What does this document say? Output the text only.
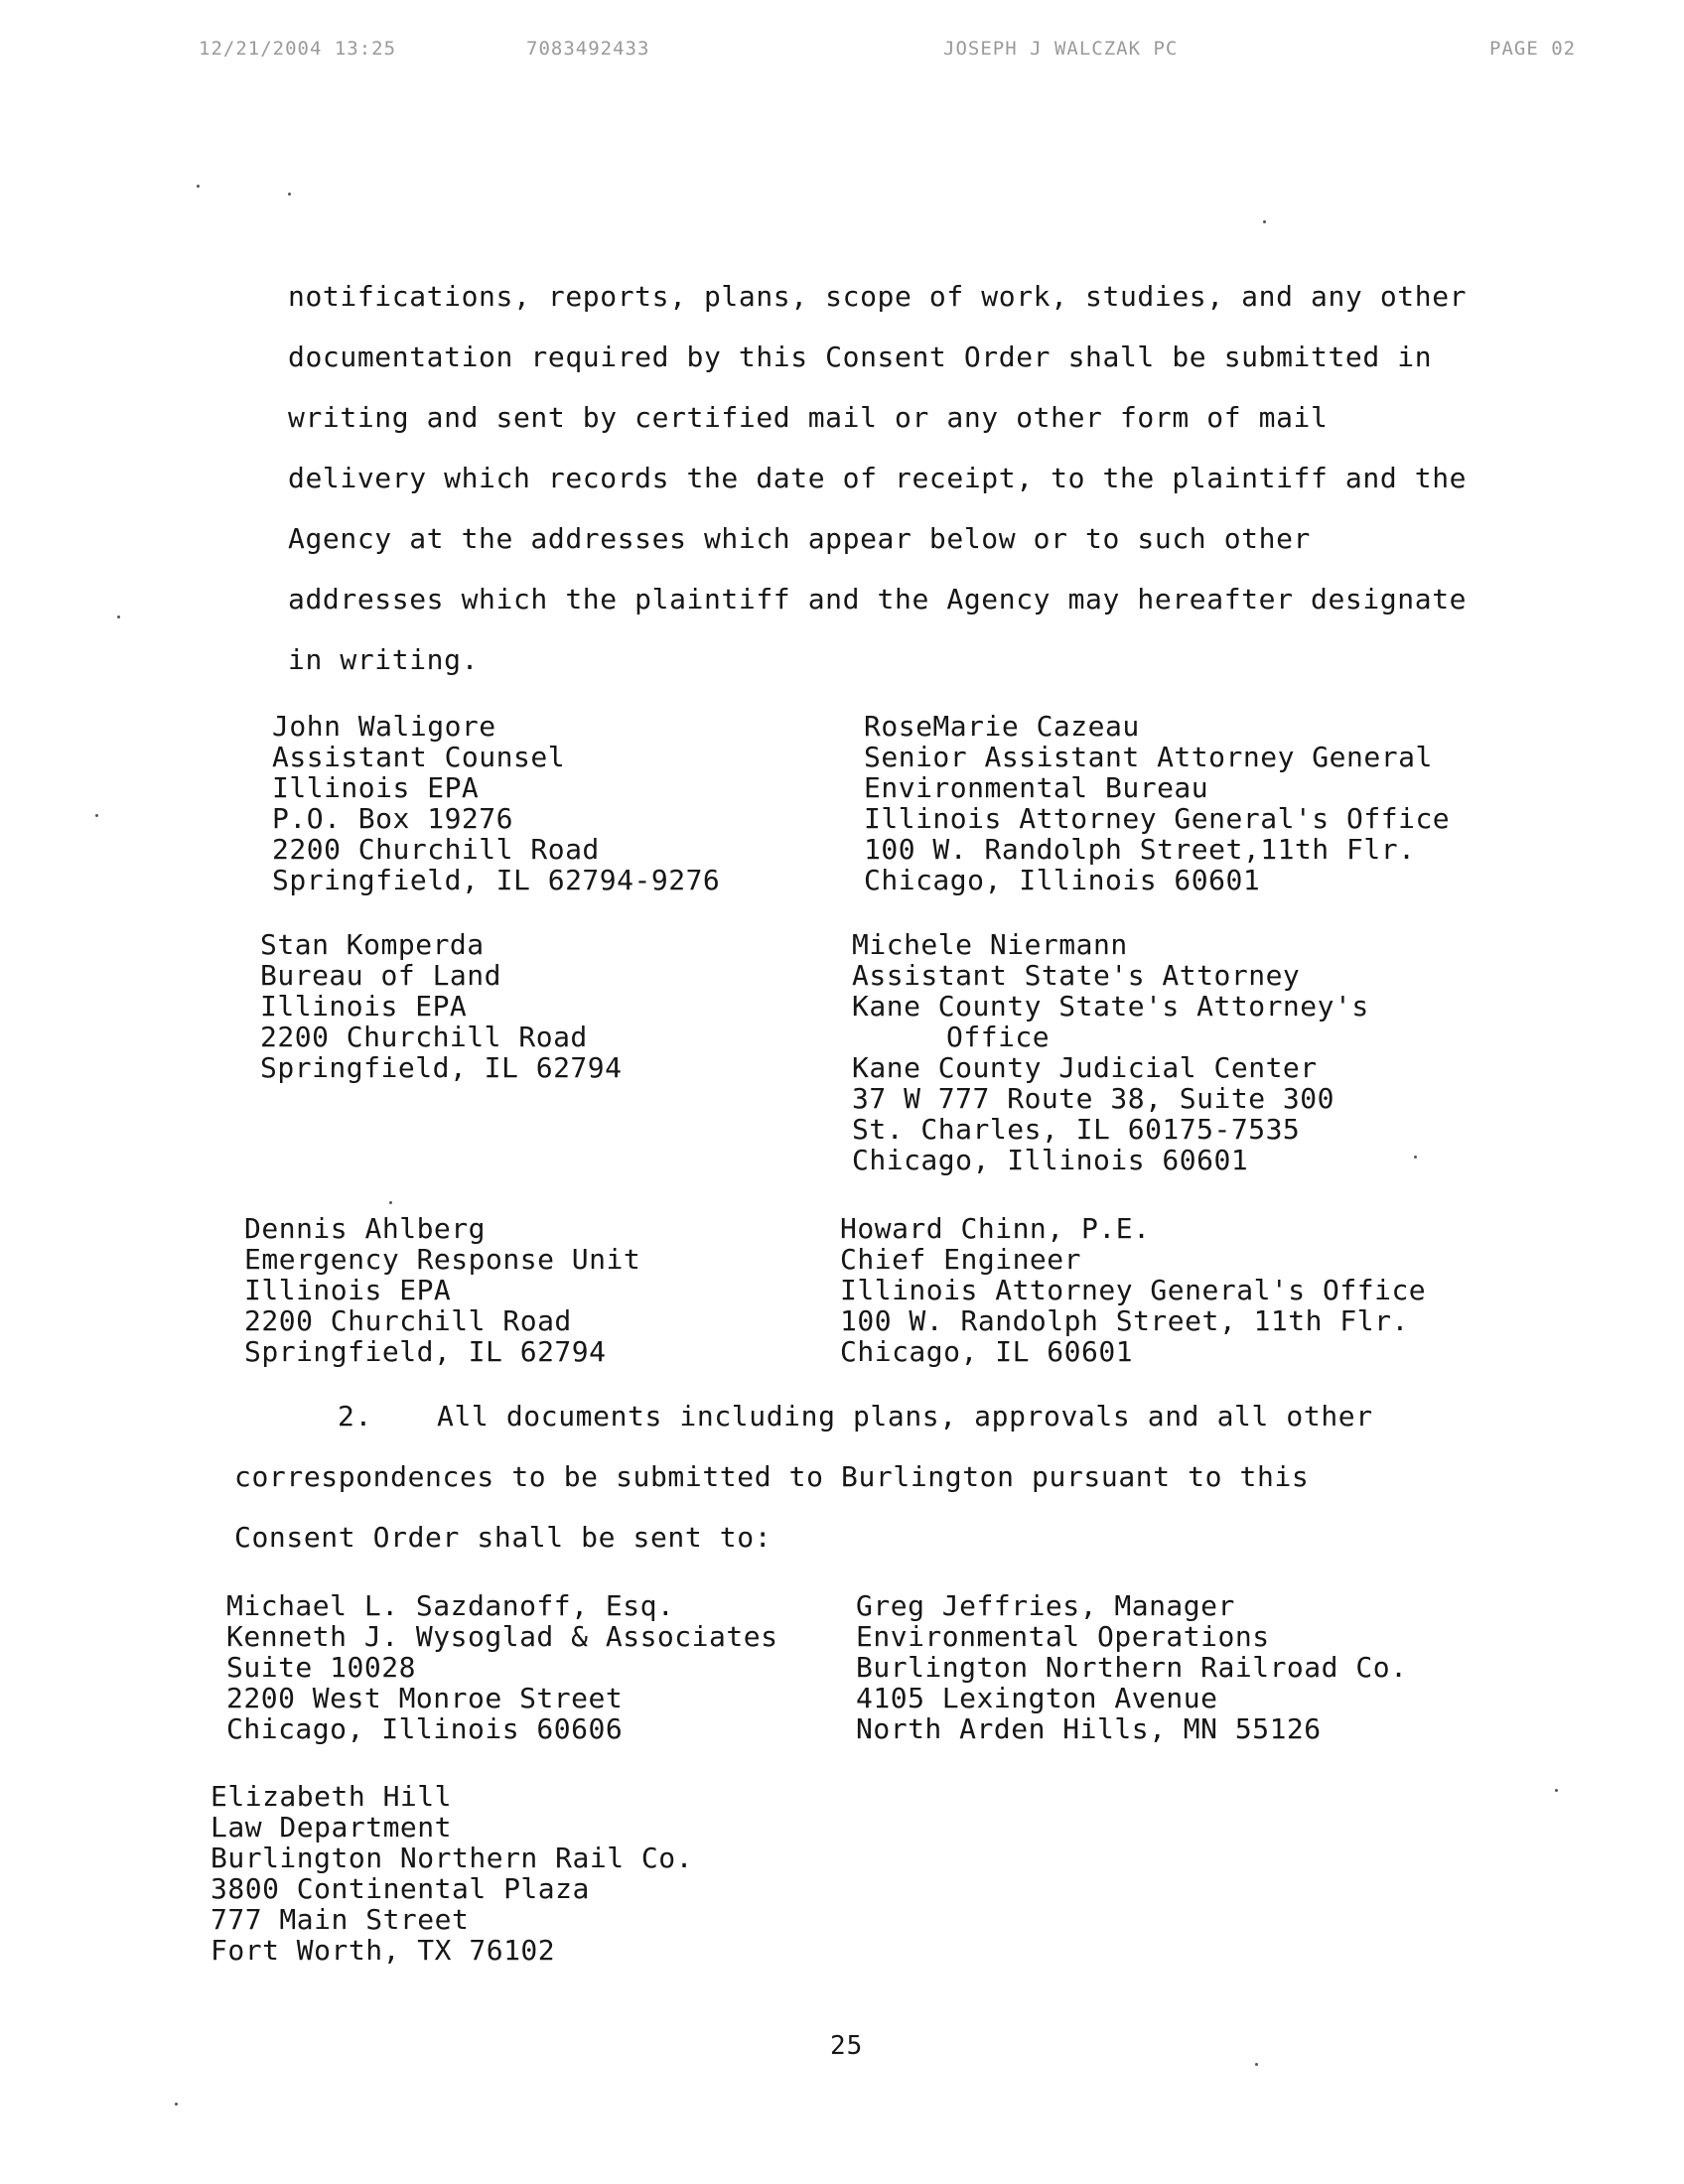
12/21/2004 13:25	7083492433	JOSEPH J WALCZAK PC	PAGE 02
notifications, reports, plans, scope of work, studies, and any other
documentation required by this Consent Order shall be submitted in
writing and sent by certified mail or any other form of mail
delivery which records the date of receipt, to the plaintiff and the
Agency at the addresses which appear below or to such other
addresses which the plaintiff and the Agency may hereafter designate
in writing.
John Waligore
Assistant Counsel
Illinois EPA
P.O. Box 19276
2200 Churchill Road
Springfield, IL 62794-9276
RoseMarie Cazeau
Senior Assistant Attorney General
Environmental Bureau
Illinois Attorney General's Office
100 W. Randolph Street,11th Flr.
Chicago, Illinois 60601
Stan Komperda
Bureau of Land
Illinois EPA
2200 Churchill Road
Springfield, IL 62794
Michele Niermann
Assistant State's Attorney
Kane County State's Attorney's
Office
Kane County Judicial Center
37 W 777 Route 38, Suite 300
St. Charles, IL 60175-7535
Chicago, Illinois 60601
Dennis Ahlberg
Emergency Response Unit
Illinois EPA
2200 Churchill Road
Springfield, IL 62794
Howard Chinn, P.E.
Chief Engineer
Illinois Attorney General's Office
100 W. Randolph Street, 11th Flr.
Chicago, IL 60601
2. All documents including plans, approvals and all other
correspondences to be submitted to Burlington pursuant to this
Consent Order shall be sent to:
Michael L. Sazdanoff, Esq.
Kenneth J. Wysoglad & Associates
Suite 10028
2200 West Monroe Street
Chicago, Illinois 60606
Greg Jeffries, Manager
Environmental Operations
Burlington Northern Railroad Co.
4105 Lexington Avenue
North Arden Hills, MN 55126
Elizabeth Hill
Law Department
Burlington Northern Rail Co.
3800 Continental Plaza
777 Main Street
Fort Worth, TX 76102
25
